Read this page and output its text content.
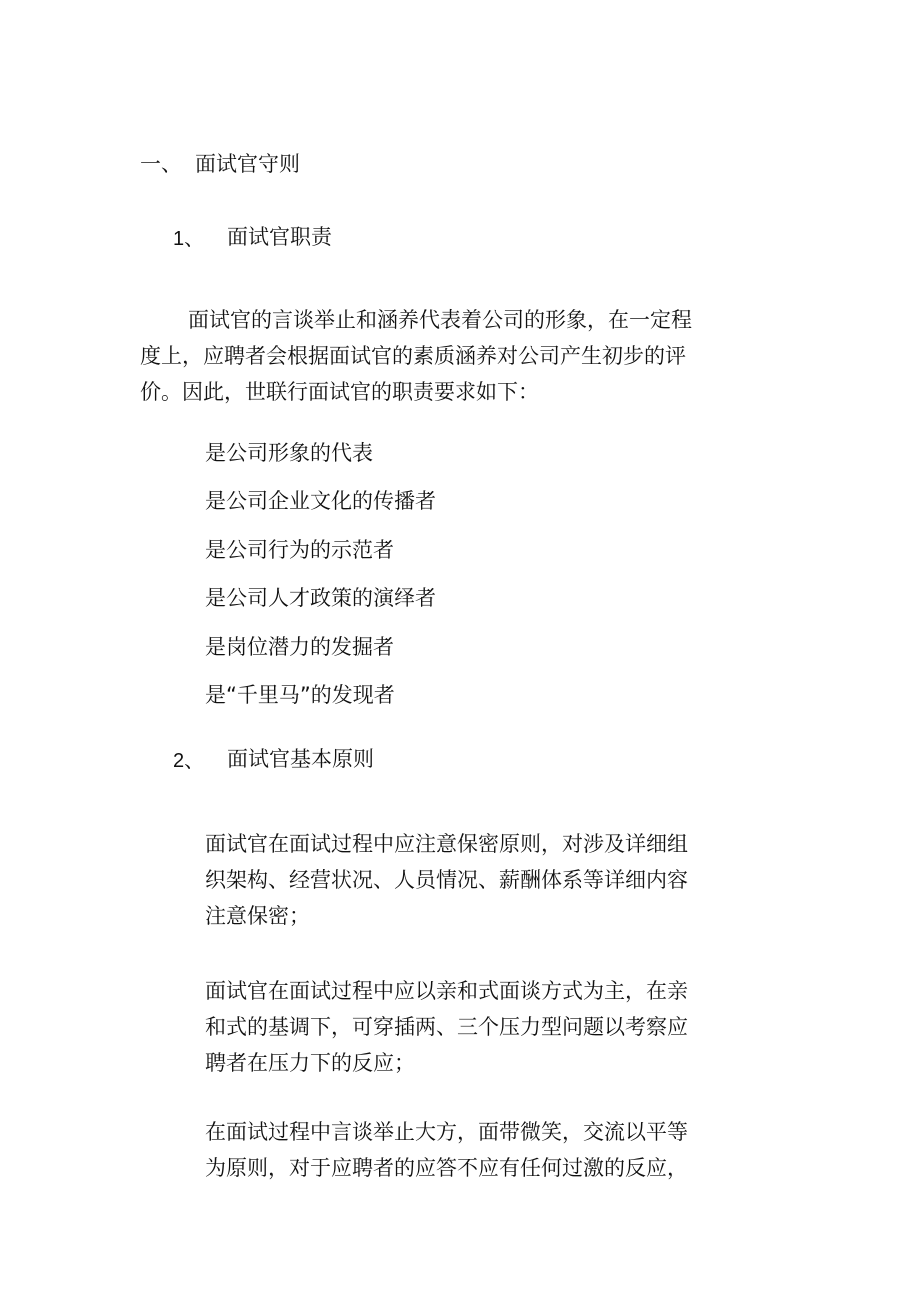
一、 面试官守则
1、 面试官职责
面试官的言谈举止和涵养代表着公司的形象，在一定程
度上，应聘者会根据面试官的素质涵养对公司产生初步的评
价。因此，世联行面试官的职责要求如下：
是公司形象的代表
是公司企业文化的传播者
是公司行为的示范者
是公司人才政策的演绎者
是岗位潜力的发掘者
是“千里马”的发现者
2、 面试官基本原则
面试官在面试过程中应注意保密原则，对涉及详细组
织架构、经营状况、人员情况、薪酬体系等详细内容
注意保密；
面试官在面试过程中应以亲和式面谈方式为主，在亲
和式的基调下，可穿插两、三个压力型问题以考察应
聘者在压力下的反应；
在面试过程中言谈举止大方，面带微笑，交流以平等
为原则，对于应聘者的应答不应有任何过激的反应，
